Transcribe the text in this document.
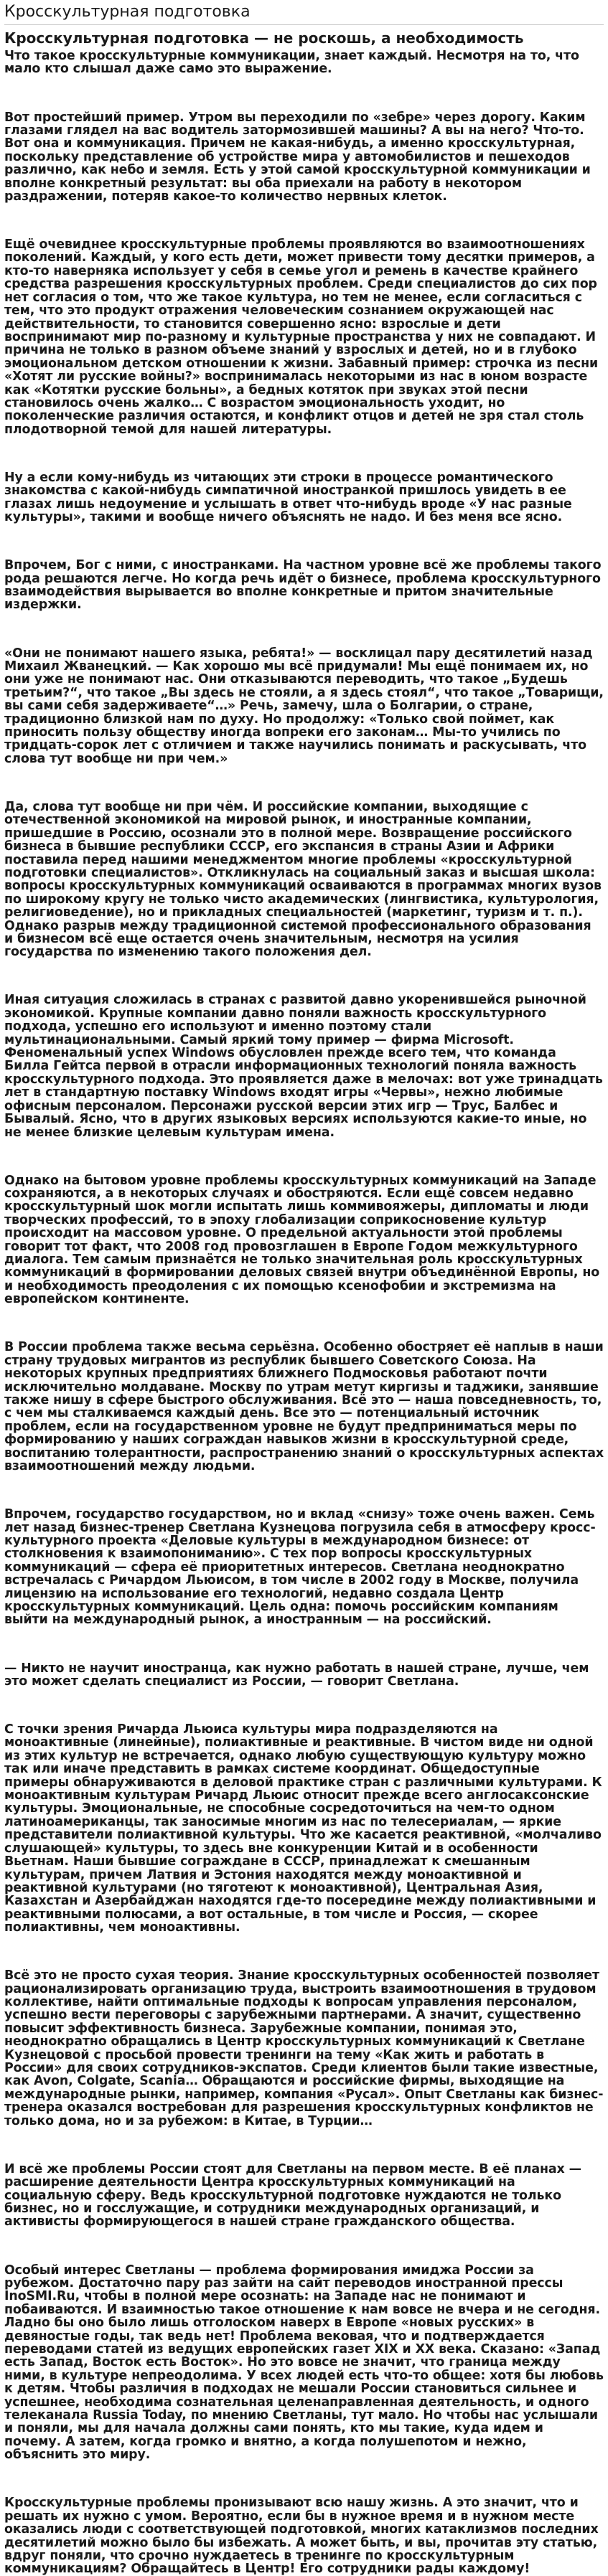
Кросскультурная подготовка
Кросскультурная подготовка — не роскошь, а необходимость

Что такое кросскультурные коммуникации, знает каждый. Несмотря на то, что мало кто слышал даже само это выражение.

Вот простейший пример. Утром вы переходили по «зебре» через дорогу. Каким глазами глядел на вас водитель затормозившей машины? А вы на него? Что-то. Вот она и коммуникация. Причем не какая-нибудь, а именно кросскультурная, поскольку представление об устройстве мира у автомобилистов и пешеходов различно, как небо и земля. Есть у этой самой кросскультурной коммуникации и вполне конкретный результат: вы оба приехали на работу в некотором раздражении, потеряв какое-то количество нервных клеток.

Ещё очевиднее кросскультурные проблемы проявляются во взаимоотношениях поколений. Каждый, у кого есть дети, может привести тому десятки примеров, а кто-то наверняка использует у себя в семье угол и ремень в качестве крайнего средства разрешения кросскультурных проблем. Среди специалистов до сих пор нет согласия о том, что же такое культура, но тем не менее, если согласиться с тем, что это продукт отражения человеческим сознанием окружающей нас действительности, то становится совершенно ясно: взрослые и дети воспринимают мир по-разному и культурные пространства у них не совпадают. И причина не только в разном объеме знаний у взрослых и детей, но и в глубоко эмоциональном детском отношении к жизни. Забавный пример: строчка из песни «Хотят ли русские войны?» воспринималась некоторыми из нас в юном возрасте как «Котятки русские больны», а бедных котяток при звуках этой песни становилось очень жалко… С возрастом эмоциональность уходит, но поколенческие различия остаются, и конфликт отцов и детей не зря стал столь плодотворной темой для нашей литературы.

Ну а если кому-нибудь из читающих эти строки в процессе романтического знакомства с какой-нибудь симпатичной иностранкой пришлось увидеть в ее глазах лишь недоумение и услышать в ответ что-нибудь вроде «У нас разные культуры», такими и вообще ничего объяснять не надо. И без меня все ясно.

Впрочем, Бог с ними, с иностранками. На частном уровне всё же проблемы такого рода решаются легче. Но когда речь идёт о бизнесе, проблема кросскультурного взаимодействия вырывается во вполне конкретные и притом значительные издержки.

«Они не понимают нашего языка, ребята!» — восклицал пару десятилетий назад Михаил Жванецкий. — Как хорошо мы всё придумали! Мы ещё понимаем их, но они уже не понимают нас. Они отказываются переводить, что такое „Будешь третьим?“, что такое „Вы здесь не стояли, а я здесь стоял“, что такое „Товарищи, вы сами себя задерживаете“…» Речь, замечу, шла о Болгарии, о стране, традиционно близкой нам по духу. Но продолжу: «Только свой поймет, как приносить пользу обществу иногда вопреки его законам… Мы-то учились по тридцать-сорок лет с отличием и также научились понимать и раскусывать, что слова тут вообще ни при чем.»

Да, слова тут вообще ни при чём. И российские компании, выходящие с отечественной экономикой на мировой рынок, и иностранные компании, пришедшие в Россию, осознали это в полной мере. Возвращение российского бизнеса в бывшие республики СССР, его экспансия в страны Азии и Африки поставила перед нашими менеджментом многие проблемы «кросскультурной подготовки специалистов». Откликнулась на социальный заказ и высшая школа: вопросы кросскультурных коммуникаций осваиваются в программах многих вузов по широкому кругу не только чисто академических (лингвистика, культурология, религиоведение), но и прикладных специальностей (маркетинг, туризм и т. п.). Однако разрыв между традиционной системой профессионального образования и бизнесом всё еще остается очень значительным, несмотря на усилия государства по изменению такого положения дел.

Иная ситуация сложилась в странах с развитой давно укоренившейся рыночной экономикой. Крупные компании давно поняли важность кросскультурного подхода, успешно его используют и именно поэтому стали мультинациональными. Самый яркий тому пример — фирма Microsoft. Феноменальный успех Windows обусловлен прежде всего тем, что команда Билла Гейтса первой в отрасли информационных технологий поняла важность кросскультурного подхода. Это проявляется даже в мелочах: вот уже тринадцать лет в стандартную поставку Windows входят игры «Червы», нежно любимые офисным персоналом. Персонажи русской версии этих игр — Трус, Балбес и Бывалый. Ясно, что в других языковых версиях используются какие-то иные, но не менее близкие целевым культурам имена.

Однако на бытовом уровне проблемы кросскультурных коммуникаций на Западе сохраняются, а в некоторых случаях и обостряются. Если ещё совсем недавно кросскультурный шок могли испытать лишь коммивояжеры, дипломаты и люди творческих профессий, то в эпоху глобализации соприкосновение культур происходит на массовом уровне. О предельной актуальности этой проблемы говорит тот факт, что 2008 год провозглашен в Европе Годом межкультурного диалога. Тем самым признаётся не только значительная роль кросскультурных коммуникаций в формировании деловых связей внутри объединённой Европы, но и необходимость преодоления с их помощью ксенофобии и экстремизма на европейском континенте.

В России проблема также весьма серьёзна. Особенно обостряет её наплыв в наши страну трудовых мигрантов из республик бывшего Советского Союза. На некоторых крупных предприятиях ближнего Подмосковья работают почти исключительно молдаване. Москву по утрам метут киргизы и таджики, занявшие также нишу в сфере быстрого обслуживания. Всё это — наша повседневность, то, с чем мы сталкиваемся каждый день. Все это — потенциальный источник проблем, если на государственном уровне не будут предприниматься меры по формированию у наших сограждан навыков жизни в кросскультурной среде, воспитанию толерантности, распространению знаний о кросскультурных аспектах взаимоотношений между людьми.

Впрочем, государство государством, но и вклад «снизу» тоже очень важен. Семь лет назад бизнес-тренер Светлана Кузнецова погрузила себя в атмосферу кросс-культурного проекта «Деловые культуры в международном бизнесе: от столкновения к взаимопониманию». С тех пор вопросы кросскультурных коммуникаций — сфера её приоритетных интересов. Светлана неоднократно встречалась с Ричардом Льюисом, в том числе в 2002 году в Москве, получила лицензию на использование его технологий, недавно создала Центр кросскультурных коммуникаций. Цель одна: помочь российским компаниям выйти на международный рынок, а иностранным — на российский.

— Никто не научит иностранца, как нужно работать в нашей стране, лучше, чем это может сделать специалист из России, — говорит Светлана.

С точки зрения Ричарда Льюиса культуры мира подразделяются на моноактивные (линейные), полиактивные и реактивные. В чистом виде ни одной из этих культур не встречается, однако любую существующую культуру можно так или иначе представить в рамках системе координат. Общедоступные примеры обнаруживаются в деловой практике стран с различными культурами. К моноактивным культурам Ричард Льюис относит прежде всего англосаксонские культуры. Эмоциональные, не способные сосредоточиться на чем-то одном латиноамериканцы, так заносимые многим из нас по телесериалам, — яркие представители полиактивной культуры. Что же касается реактивной, «молчаливо слушающей» культуры, то здесь вне конкуренции Китай и в особенности Вьетнам. Наши бывшие сограждане в СССР, принадлежат к смешанным культурам, причем Латвия и Эстония находятся между моноактивной и реактивной культурами (но тяготеют к моноактивной), Центральная Азия, Казахстан и Азербайджан находятся где-то посередине между полиактивными и реактивными полюсами, а вот остальные, в том числе и Россия, — скорее полиактивны, чем моноактивны.

Всё это не просто сухая теория. Знание кросскультурных особенностей позволяет рационализировать организацию труда, выстроить взаимоотношения в трудовом коллективе, найти оптимальные подходы к вопросам управления персоналом, успешно вести переговоры с зарубежными партнерами. А значит, существенно повысит эффективность бизнеса. Зарубежные компании, понимая это, неоднократно обращались в Центр кросскультурных коммуникаций к Светлане Кузнецовой с просьбой провести тренинги на тему «Как жить и работать в России» для своих сотрудников-экспатов. Среди клиентов были такие известные, как Avon, Colgate, Scania… Обращаются и российские фирмы, выходящие на международные рынки, например, компания «Русал». Опыт Светланы как бизнес-тренера оказался востребован для разрешения кросскультурных конфликтов не только дома, но и за рубежом: в Китае, в Турции…

И всё же проблемы России стоят для Светланы на первом месте. В её планах — расширение деятельности Центра кросскультурных коммуникаций на социальную сферу. Ведь кросскультурной подготовке нуждаются не только бизнес, но и госслужащие, и сотрудники международных организаций, и активисты формирующегося в нашей стране гражданского общества.

Особый интерес Светланы — проблема формирования имиджа России за рубежом. Достаточно пару раз зайти на сайт переводов иностранной прессы InoSMI.Ru, чтобы в полной мере осознать: на Западе нас не понимают и побаиваются. И взаимностью такое отношение к нам вовсе не вчера и не сегодня. Ладно бы оно было лишь отголоском наверх в Европе «новых русских» в девяностые годы, так ведь нет! Проблема вековая, что и подтверждается переводами статей из ведущих европейских газет XIX и XX века. Сказано: «Запад есть Запад, Восток есть Восток». Но это вовсе не значит, что граница между ними, в культуре непреодолима. У всех людей есть что-то общее: хотя бы любовь к детям. Чтобы различия в подходах не мешали России становиться сильнее и успешнее, необходима сознательная целенаправленная деятельность, и одного телеканала Russia Today, по мнению Светланы, тут мало. Но чтобы нас услышали и поняли, мы для начала должны сами понять, кто мы такие, куда идем и почему. А затем, когда громко и внятно, а когда полушепотом и нежно, объяснить это миру.

Кросскультурные проблемы пронизывают всю нашу жизнь. А это значит, что и решать их нужно с умом. Вероятно, если бы в нужное время и в нужном месте оказались люди с соответствующей подготовкой, многих катаклизмов последних десятилетий можно было бы избежать. А может быть, и вы, прочитав эту статью, вдруг поняли, что срочно нуждаетесь в тренинге по кросскультурным коммуникациям? Обращайтесь в Центр! Его сотрудники рады каждому!
